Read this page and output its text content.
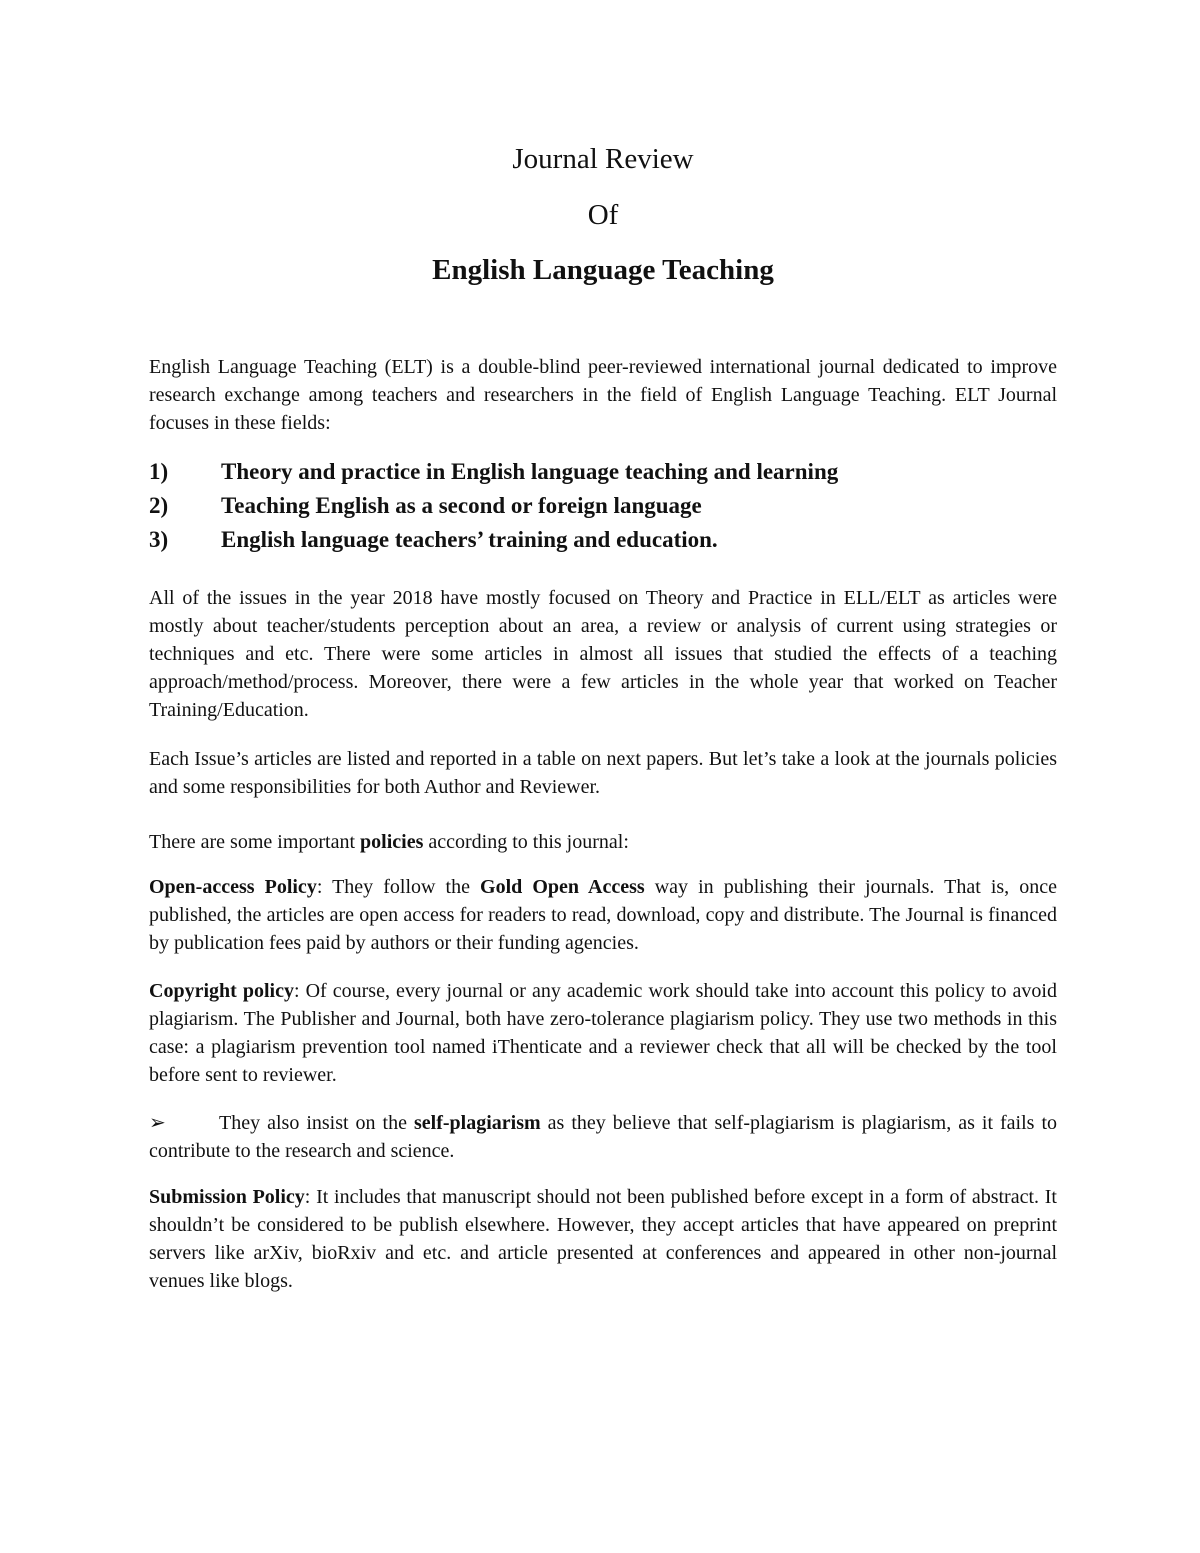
Journal Review

Of

English Language Teaching

English Language Teaching (ELT) is a double-blind peer-reviewed international journal dedicated to improve research exchange among teachers and researchers in the field of English Language Teaching. ELT Journal focuses in these fields:

1)	Theory and practice in English language teaching and learning
2)	Teaching English as a second or foreign language
3)	English language teachers’ training and education.

All of the issues in the year 2018 have mostly focused on Theory and Practice in ELL/ELT as articles were mostly about teacher/students perception about an area, a review or analysis of current using strategies or techniques and etc. There were some articles in almost all issues that studied the effects of a teaching approach/method/process. Moreover, there were a few articles in the whole year that worked on Teacher Training/Education.

Each Issue’s articles are listed and reported in a table on next papers. But let’s take a look at the journals policies and some responsibilities for both Author and Reviewer.

There are some important policies according to this journal:

Open-access Policy: They follow the Gold Open Access way in publishing their journals. That is, once published, the articles are open access for readers to read, download, copy and distribute. The Journal is financed by publication fees paid by authors or their funding agencies.

Copyright policy: Of course, every journal or any academic work should take into account this policy to avoid plagiarism. The Publisher and Journal, both have zero-tolerance plagiarism policy. They use two methods in this case: a plagiarism prevention tool named iThenticate and a reviewer check that all will be checked by the tool before sent to reviewer.

➢	They also insist on the self-plagiarism as they believe that self-plagiarism is plagiarism, as it fails to contribute to the research and science.

Submission Policy: It includes that manuscript should not been published before except in a form of abstract. It shouldn’t be considered to be publish elsewhere. However, they accept articles that have appeared on preprint servers like arXiv, bioRxiv and etc. and article presented at conferences and appeared in other non-journal venues like blogs.
